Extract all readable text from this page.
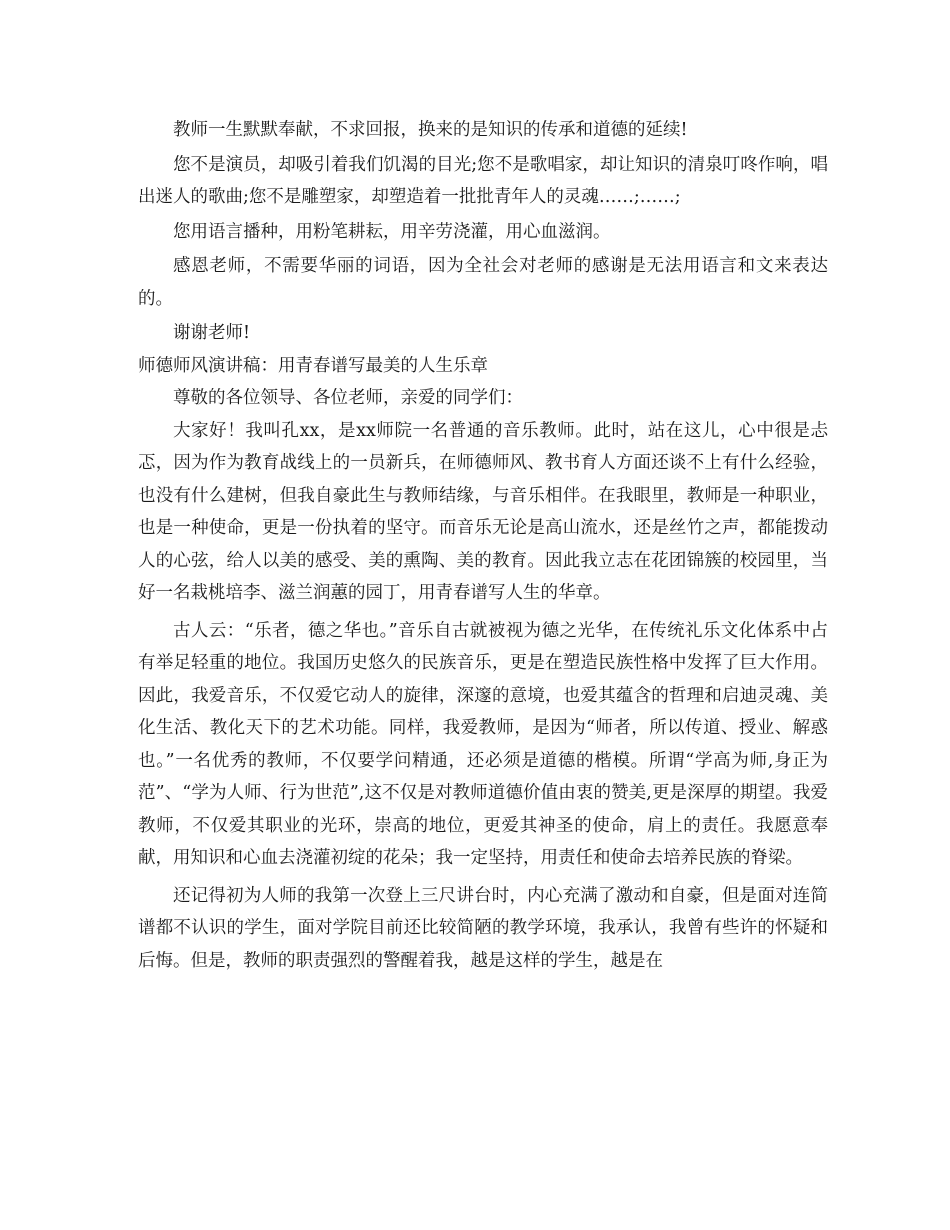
教师一生默默奉献，不求回报，换来的是知识的传承和道德的延续!

您不是演员，却吸引着我们饥渴的目光;您不是歌唱家，却让知识的清泉叮咚作响，唱出迷人的歌曲;您不是雕塑家，却塑造着一批批青年人的灵魂……;……;

您用语言播种，用粉笔耕耘，用辛劳浇灌，用心血滋润。

感恩老师，不需要华丽的词语，因为全社会对老师的感谢是无法用语言和文来表达的。

谢谢老师!

师德师风演讲稿：用青春谱写最美的人生乐章

尊敬的各位领导、各位老师，亲爱的同学们：

大家好！我叫孔xx，是xx师院一名普通的音乐教师。此时，站在这儿，心中很是忐忑，因为作为教育战线上的一员新兵，在师德师风、教书育人方面还谈不上有什么经验，也没有什么建树，但我自豪此生与教师结缘，与音乐相伴。在我眼里，教师是一种职业，也是一种使命，更是一份执着的坚守。而音乐无论是高山流水，还是丝竹之声，都能拨动人的心弦，给人以美的感受、美的熏陶、美的教育。因此我立志在花团锦簇的校园里，当好一名栽桃培李、滋兰润蕙的园丁，用青春谱写人生的华章。

古人云：“乐者，德之华也。”音乐自古就被视为德之光华，在传统礼乐文化体系中占有举足轻重的地位。我国历史悠久的民族音乐，更是在塑造民族性格中发挥了巨大作用。因此，我爱音乐，不仅爱它动人的旋律，深邃的意境，也爱其蕴含的哲理和启迪灵魂、美化生活、教化天下的艺术功能。同样，我爱教师，是因为“师者，所以传道、授业、解惑也。”一名优秀的教师，不仅要学问精通，还必须是道德的楷模。所谓“学高为师,身正为范”、“学为人师、行为世范”,这不仅是对教师道德价值由衷的赞美,更是深厚的期望。我爱教师，不仅爱其职业的光环，崇高的地位，更爱其神圣的使命，肩上的责任。我愿意奉献，用知识和心血去浇灌初绽的花朵；我一定坚持，用责任和使命去培养民族的脊梁。

还记得初为人师的我第一次登上三尺讲台时，内心充满了激动和自豪，但是面对连简谱都不认识的学生，面对学院目前还比较简陋的教学环境，我承认，我曾有些许的怀疑和后悔。但是，教师的职责强烈的警醒着我，越是这样的学生，越是在
